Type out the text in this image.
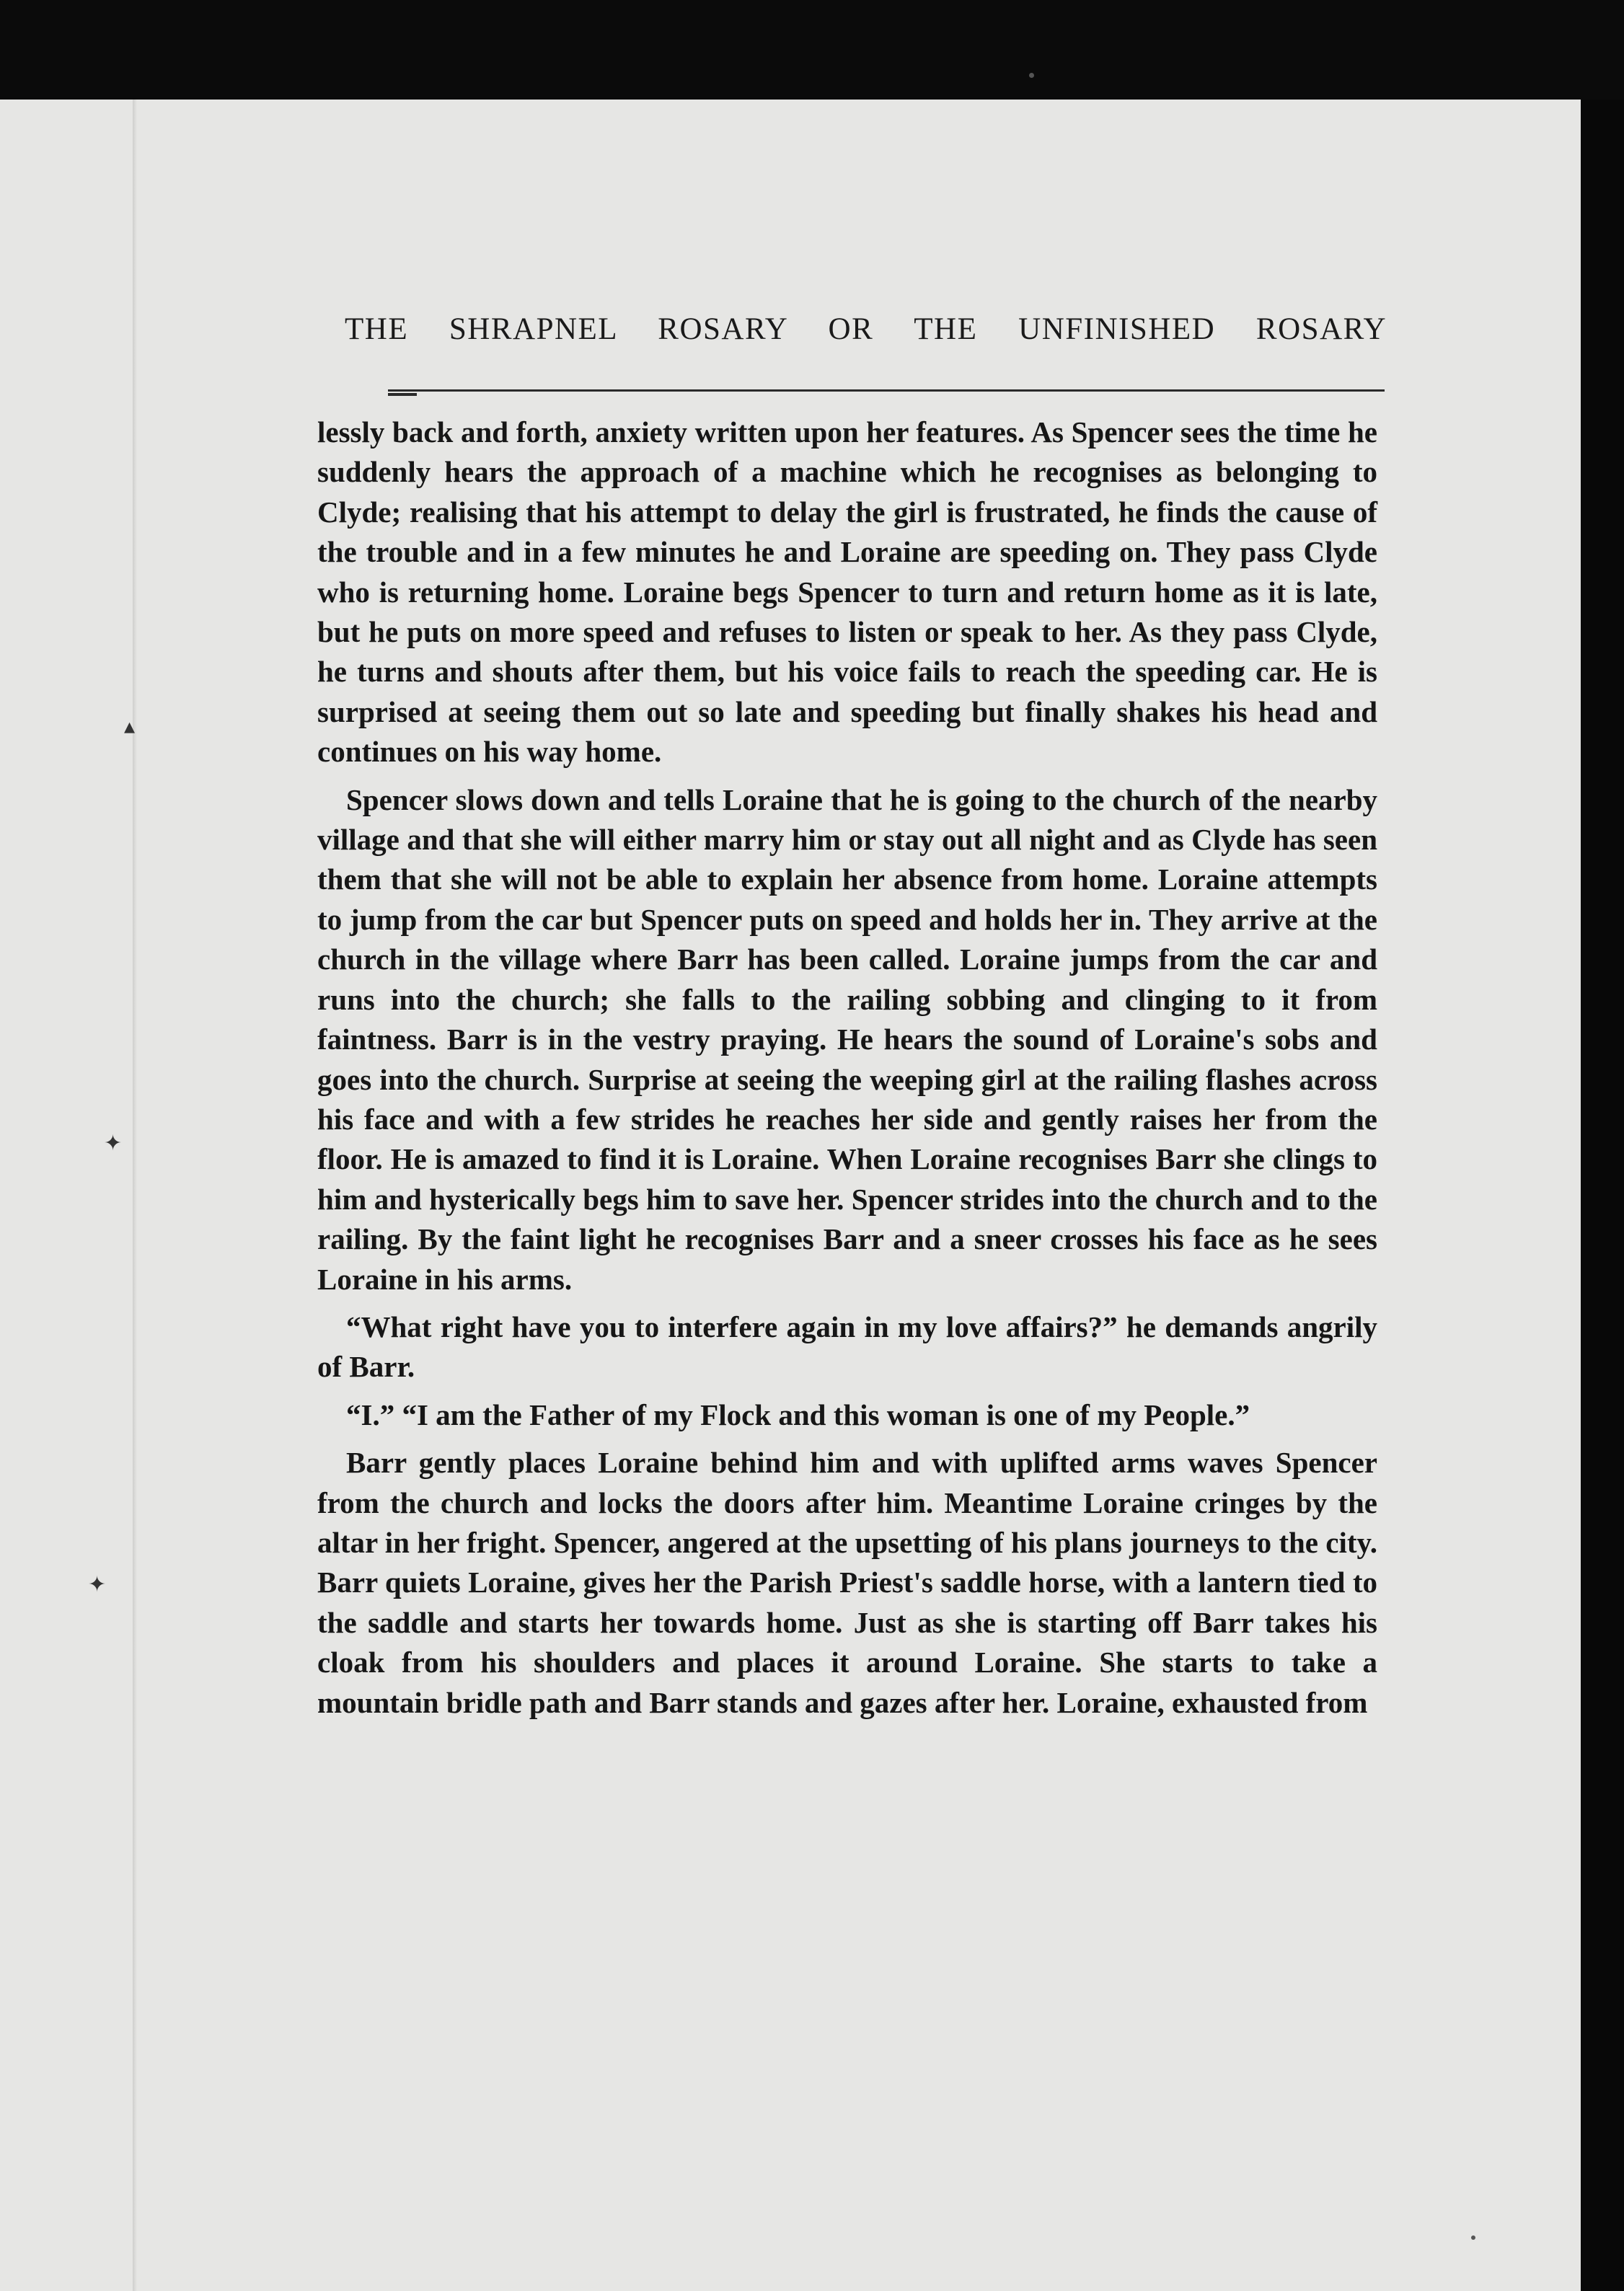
THE SHRAPNEL ROSARY OR THE UNFINISHED ROSARY

lessly back and forth, anxiety written upon her features. As Spencer sees the time he suddenly hears the approach of a machine which he recognises as belonging to Clyde; realising that his attempt to delay the girl is frustrated, he finds the cause of the trouble and in a few minutes he and Loraine are speeding on. They pass Clyde who is returning home. Loraine begs Spencer to turn and return home as it is late, but he puts on more speed and refuses to listen or speak to her. As they pass Clyde, he turns and shouts after them, but his voice fails to reach the speeding car. He is surprised at seeing them out so late and speeding but finally shakes his head and continues on his way home.

Spencer slows down and tells Loraine that he is going to the church of the nearby village and that she will either marry him or stay out all night and as Clyde has seen them that she will not be able to explain her absence from home. Loraine attempts to jump from the car but Spencer puts on speed and holds her in. They arrive at the church in the village where Barr has been called. Loraine jumps from the car and runs into the church; she falls to the railing sobbing and clinging to it from faintness. Barr is in the vestry praying. He hears the sound of Loraine's sobs and goes into the church. Surprise at seeing the weeping girl at the railing flashes across his face and with a few strides he reaches her side and gently raises her from the floor. He is amazed to find it is Loraine. When Loraine recognises Barr she clings to him and hysterically begs him to save her. Spencer strides into the church and to the railing. By the faint light he recognises Barr and a sneer crosses his face as he sees Loraine in his arms.

“What right have you to interfere again in my love affairs?” he demands angrily of Barr.

“I.” “I am the Father of my Flock and this woman is one of my People.”

Barr gently places Loraine behind him and with uplifted arms waves Spencer from the church and locks the doors after him. Meantime Loraine cringes by the altar in her fright. Spencer, angered at the upsetting of his plans journeys to the city. Barr quiets Loraine, gives her the Parish Priest's saddle horse, with a lantern tied to the saddle and starts her towards home. Just as she is starting off Barr takes his cloak from his shoulders and places it around Loraine. She starts to take a mountain bridle path and Barr stands and gazes after her. Loraine, exhausted from

▴
✦
✦
